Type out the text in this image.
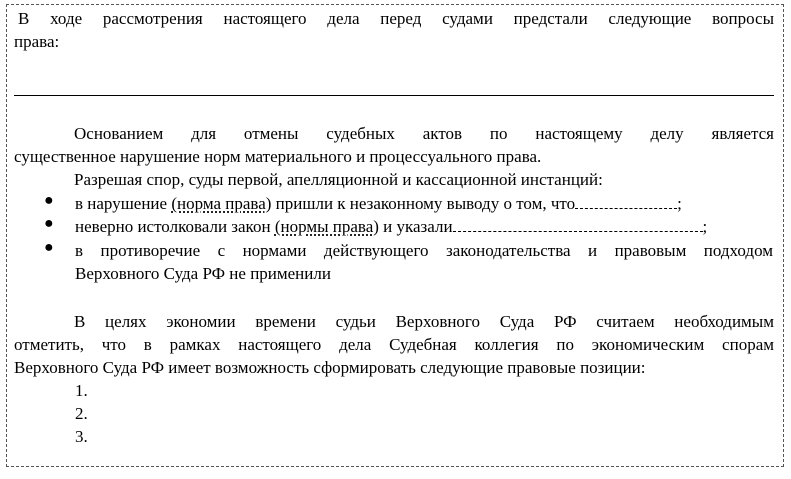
В ходе рассмотрения настоящего дела перед судами предстали следующие вопросы

права:

Основанием для отмены судебных актов по настоящему делу является

существенное нарушение норм материального и процессуального права.

Разрешая спор, суды первой, апелляционной и кассационной инстанций:

● в нарушение (норма права) пришли к незаконному выводу о том, что	;
● неверно истолковали закон (нормы права) и указали	;
● в противоречие с нормами действующего законодательства и правовым подходом
Верховного Суда РФ не применили

В целях экономии времени судьи Верховного Суда РФ считаем необходимым

отметить, что в рамках настоящего дела Судебная коллегия по экономическим спорам

Верховного Суда РФ имеет возможность сформировать следующие правовые позиции:

1.
2.
3.
